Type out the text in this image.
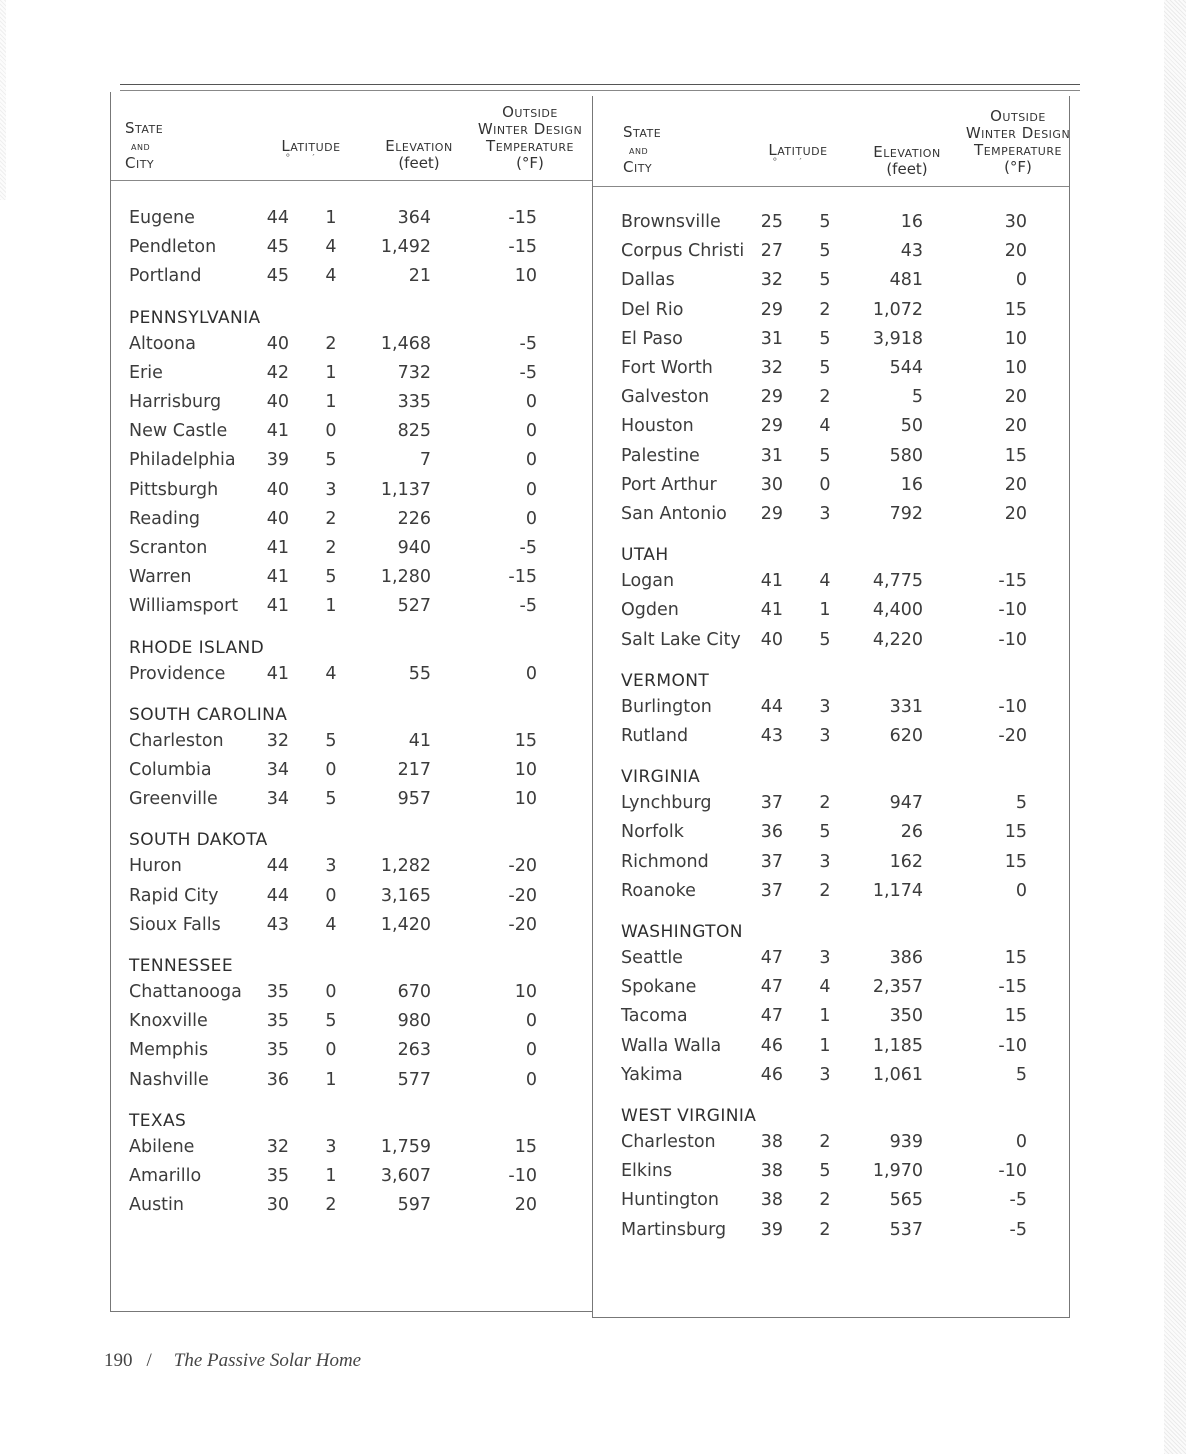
State
and
City
Latitude
°′
Elevation
(feet)
Outside
Winter Design
Temperature
(°F)
Eugene	44 1	364	-15
Pendleton	45 4	1,492	-15
Portland	45 4	21	10
PENNSYLVANIA
Altoona	40 2	1,468	-5
Erie	42 1	732	-5
Harrisburg	40 1	335	0
New Castle	41 0	825	0
Philadelphia	39 5	7	0
Pittsburgh	40 3	1,137	0
Reading	40 2	226	0
Scranton	41 2	940	-5
Warren	41 5	1,280	-15
Williamsport	41 1	527	-5
RHODE ISLAND
Providence	41 4	55	0
SOUTH CAROLINA
Charleston	32 5	41	15
Columbia	34 0	217	10
Greenville	34 5	957	10
SOUTH DAKOTA
Huron	44 3	1,282	-20
Rapid City	44 0	3,165	-20
Sioux Falls	43 4	1,420	-20
TENNESSEE
Chattanooga	35 0	670	10
Knoxville	35 5	980	0
Memphis	35 0	263	0
Nashville	36 1	577	0
TEXAS
Abilene	32 3	1,759	15
Amarillo	35 1	3,607	-10
Austin	30 2	597	20
State
and
City
Latitude
°′
Elevation
(feet)
Outside
Winter Design
Temperature
(°F)
Brownsville	25 5	16	30
Corpus Christi 27 5	43	20
Dallas	32 5	481	0
Del Rio	29 2	1,072	15
El Paso	31 5	3,918	10
Fort Worth	32 5	544	10
Galveston	29 2	5	20
Houston	29 4	50	20
Palestine	31 5	580	15
Port Arthur	30 0	16	20
San Antonio	29 3	792	20
UTAH
Logan	41 4	4,775	-15
Ogden	41 1	4,400	-10
Salt Lake City	40 5	4,220	-10
VERMONT
Burlington	44 3	331	-10
Rutland	43 3	620	-20
VIRGINIA
Lynchburg	37 2	947	5
Norfolk	36 5	26	15
Richmond	37 3	162	15
Roanoke	37 2	1,174	0
WASHINGTON
Seattle	47 3	386	15
Spokane	47 4	2,357	-15
Tacoma	47 1	350	15
Walla Walla	46 1	1,185	-10
Yakima	46 3	1,061	5
WEST VIRGINIA
Charleston	38 2	939	0
Elkins	38 5	1,970	-10
Huntington	38 2	565	-5
Martinsburg	39 2	537	-5
190 / The Passive Solar Home
